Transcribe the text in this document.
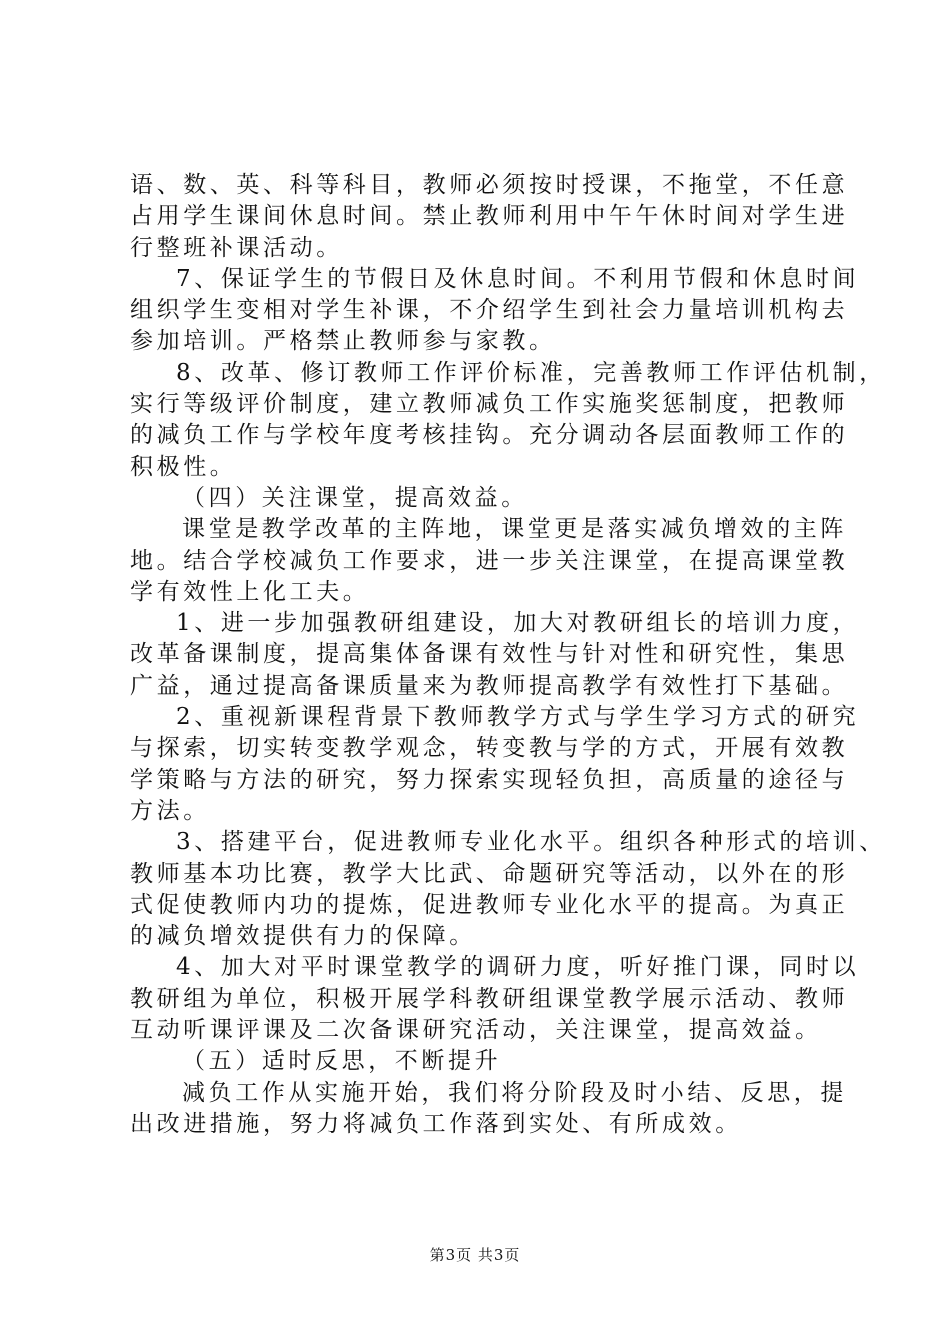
语、数、英、科等科目，教师必须按时授课，不拖堂，不任意
占用学生课间休息时间。禁止教师利用中午午休时间对学生进
行整班补课活动。
7、保证学生的节假日及休息时间。不利用节假和休息时间
组织学生变相对学生补课，不介绍学生到社会力量培训机构去
参加培训。严格禁止教师参与家教。
8、改革、修订教师工作评价标准，完善教师工作评估机制，
实行等级评价制度，建立教师减负工作实施奖惩制度，把教师
的减负工作与学校年度考核挂钩。充分调动各层面教师工作的
积极性。
（四）关注课堂，提高效益。
课堂是教学改革的主阵地，课堂更是落实减负增效的主阵
地。结合学校减负工作要求，进一步关注课堂，在提高课堂教
学有效性上化工夫。
1、进一步加强教研组建设，加大对教研组长的培训力度，
改革备课制度，提高集体备课有效性与针对性和研究性，集思
广益，通过提高备课质量来为教师提高教学有效性打下基础。
2、重视新课程背景下教师教学方式与学生学习方式的研究
与探索，切实转变教学观念，转变教与学的方式，开展有效教
学策略与方法的研究，努力探索实现轻负担，高质量的途径与
方法。
3、搭建平台，促进教师专业化水平。组织各种形式的培训、
教师基本功比赛，教学大比武、命题研究等活动，以外在的形
式促使教师内功的提炼，促进教师专业化水平的提高。为真正
的减负增效提供有力的保障。
4、加大对平时课堂教学的调研力度，听好推门课，同时以
教研组为单位，积极开展学科教研组课堂教学展示活动、教师
互动听课评课及二次备课研究活动，关注课堂，提高效益。
（五）适时反思，不断提升
减负工作从实施开始，我们将分阶段及时小结、反思，提
出改进措施，努力将减负工作落到实处、有所成效。
第3页 共3页
